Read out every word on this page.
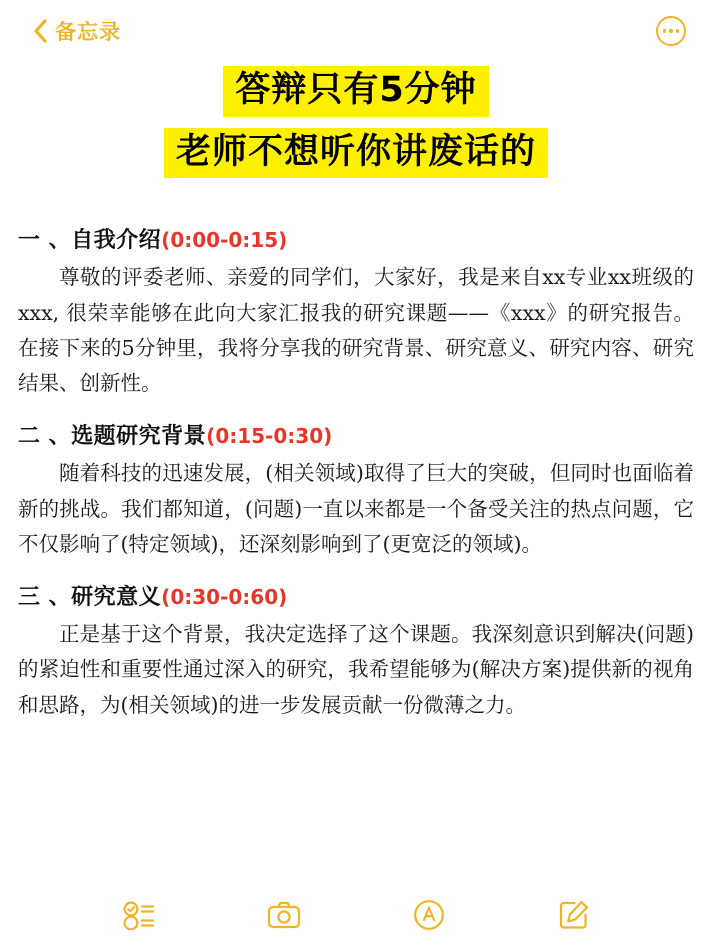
备忘录
答辩只有5分钟
老师不想听你讲废话的
一 、自我介绍(0:00-0:15)

尊敬的评委老师、亲爱的同学们，大家好，我是来自xx专业xx班级的xxx, 很荣幸能够在此向大家汇报我的研究课题——《xxx》的研究报告。在接下来的5分钟里，我将分享我的研究背景、研究意义、研究内容、研究结果、创新性。

二 、选题研究背景(0:15-0:30)

随着科技的迅速发展，(相关领域)取得了巨大的突破，但同时也面临着新的挑战。我们都知道，(问题)一直以来都是一个备受关注的热点问题，它不仅影响了(特定领域)，还深刻影响到了(更宽泛的领域)。

三 、研究意义(0:30-0:60)

正是基于这个背景，我决定选择了这个课题。我深刻意识到解决(问题)的紧迫性和重要性通过深入的研究，我希望能够为(解决方案)提供新的视角和思路，为(相关领域)的进一步发展贡献一份微薄之力。
